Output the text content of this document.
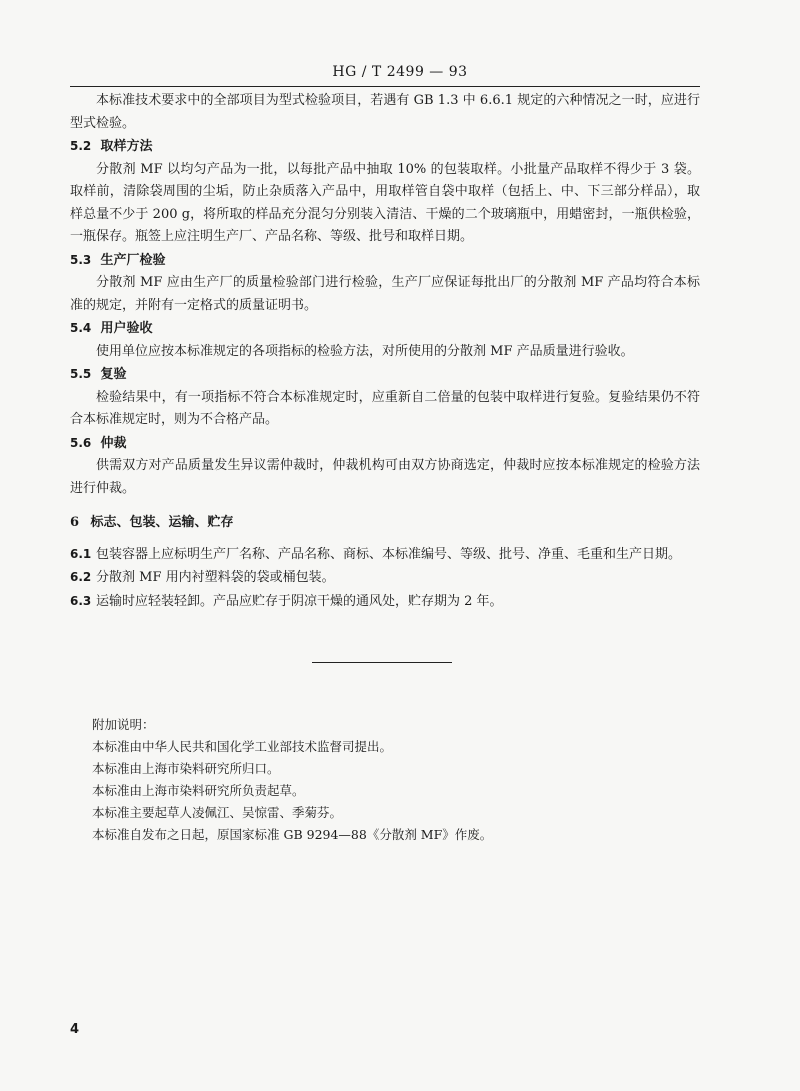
HG / T 2499 — 93

本标准技术要求中的全部项目为型式检验项目，若遇有 GB 1.3 中 6.6.1 规定的六种情况之一时，应进行型式检验。

5.2 取样方法

分散剂 MF 以均匀产品为一批，以每批产品中抽取 10% 的包装取样。小批量产品取样不得少于 3 袋。取样前，清除袋周围的尘垢，防止杂质落入产品中，用取样管自袋中取样（包括上、中、下三部分样品），取样总量不少于 200 g，将所取的样品充分混匀分别装入清洁、干燥的二个玻璃瓶中，用蜡密封，一瓶供检验，一瓶保存。瓶签上应注明生产厂、产品名称、等级、批号和取样日期。

5.3 生产厂检验

分散剂 MF 应由生产厂的质量检验部门进行检验，生产厂应保证每批出厂的分散剂 MF 产品均符合本标准的规定，并附有一定格式的质量证明书。

5.4 用户验收

使用单位应按本标准规定的各项指标的检验方法，对所使用的分散剂 MF 产品质量进行验收。

5.5 复验

检验结果中，有一项指标不符合本标准规定时，应重新自二倍量的包装中取样进行复验。复验结果仍不符合本标准规定时，则为不合格产品。

5.6 仲裁

供需双方对产品质量发生异议需仲裁时，仲裁机构可由双方协商选定，仲裁时应按本标准规定的检验方法进行仲裁。

6 标志、包装、运输、贮存

6.1 包装容器上应标明生产厂名称、产品名称、商标、本标准编号、等级、批号、净重、毛重和生产日期。

6.2 分散剂 MF 用内衬塑料袋的袋或桶包装。

6.3 运输时应轻装轻卸。产品应贮存于阴凉干燥的通风处，贮存期为 2 年。

附加说明：

本标准由中华人民共和国化学工业部技术监督司提出。

本标准由上海市染料研究所归口。

本标准由上海市染料研究所负责起草。

本标准主要起草人凌佩江、吴惊雷、季菊芬。

本标准自发布之日起，原国家标准 GB 9294—88《分散剂 MF》作废。

4
